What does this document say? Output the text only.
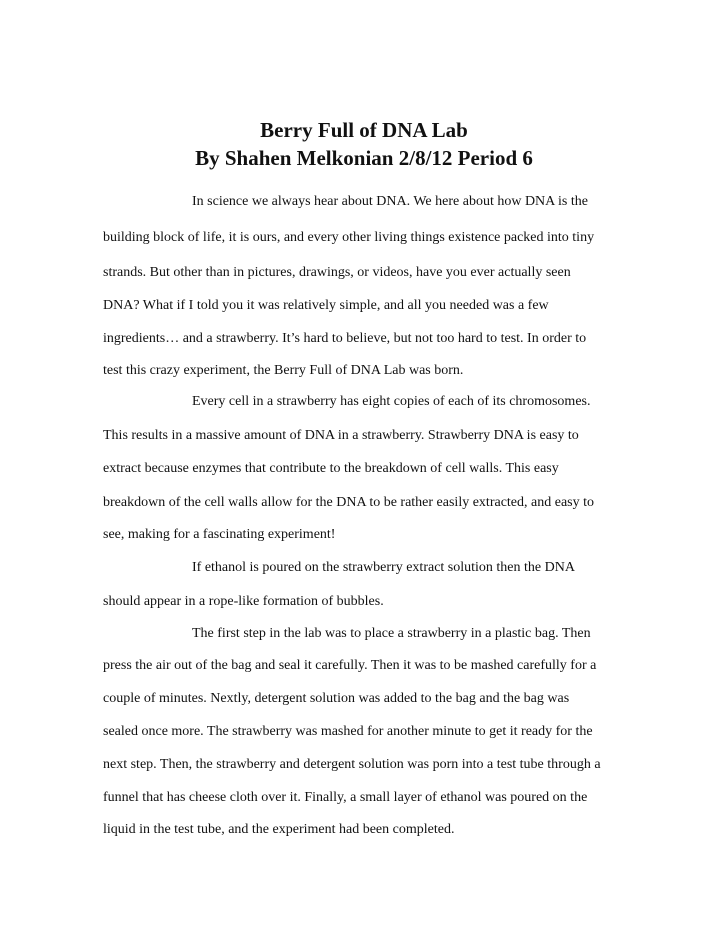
Berry Full of DNA Lab
By Shahen Melkonian 2/8/12 Period 6
In science we always hear about DNA. We here about how DNA is the
building block of life, it is ours, and every other living things existence packed into tiny
strands. But other than in pictures, drawings, or videos, have you ever actually seen
DNA? What if I told you it was relatively simple, and all you needed was a few
ingredients… and a strawberry. It’s hard to believe, but not too hard to test. In order to
test this crazy experiment, the Berry Full of DNA Lab was born.
Every cell in a strawberry has eight copies of each of its chromosomes.
This results in a massive amount of DNA in a strawberry. Strawberry DNA is easy to
extract because enzymes that contribute to the breakdown of cell walls. This easy
breakdown of the cell walls allow for the DNA to be rather easily extracted, and easy to
see, making for a fascinating experiment!
If ethanol is poured on the strawberry extract solution then the DNA
should appear in a rope-like formation of bubbles.
The first step in the lab was to place a strawberry in a plastic bag. Then
press the air out of the bag and seal it carefully. Then it was to be mashed carefully for a
couple of minutes. Nextly, detergent solution was added to the bag and the bag was
sealed once more. The strawberry was mashed for another minute to get it ready for the
next step. Then, the strawberry and detergent solution was porn into a test tube through a
funnel that has cheese cloth over it. Finally, a small layer of ethanol was poured on the
liquid in the test tube, and the experiment had been completed.
